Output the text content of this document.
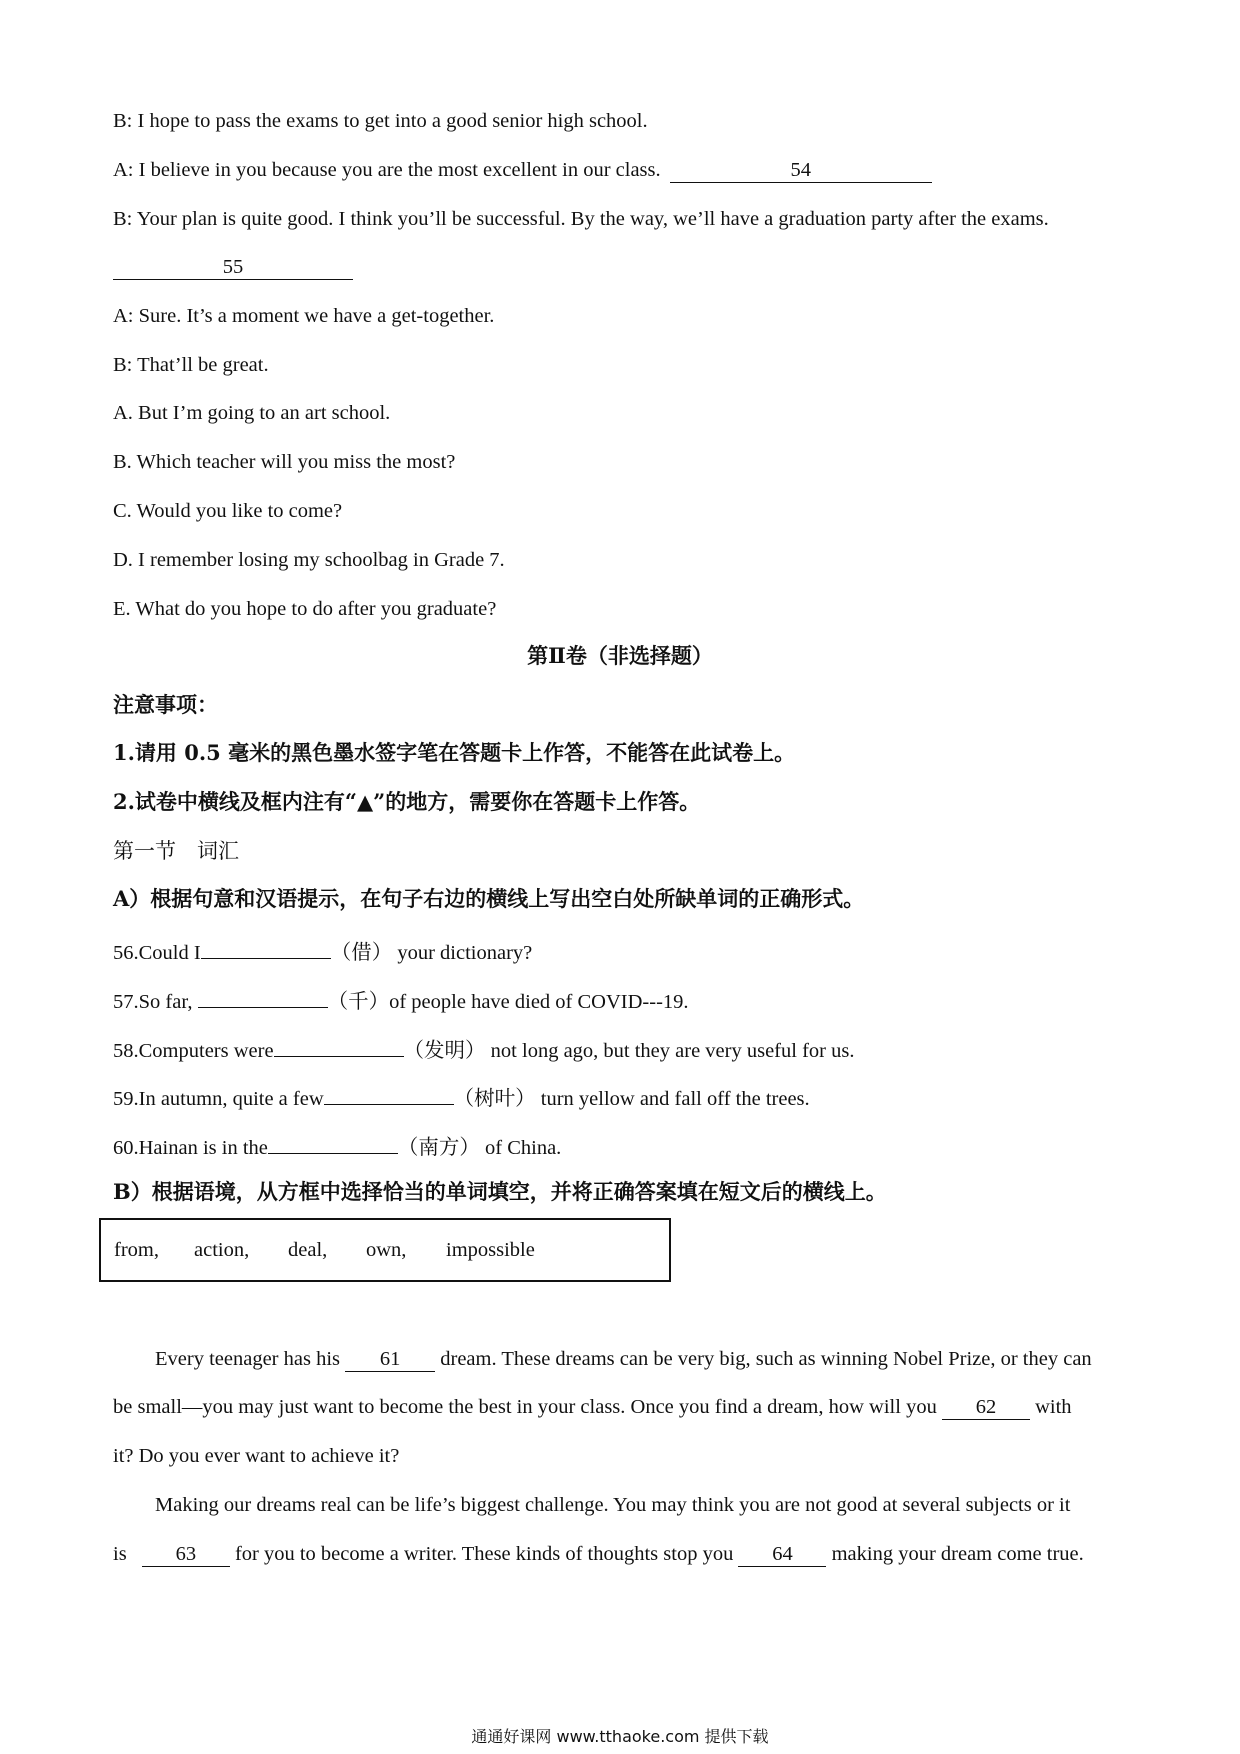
B: I hope to pass the exams to get into a good senior high school.
A: I believe in you because you are the most excellent in our class.	54
B: Your plan is quite good. I think you’ll be successful. By the way, we’ll have a graduation party after the exams.
55
A: Sure. It’s a moment we have a get-together.
B: That’ll be great.
A. But I’m going to an art school.
B. Which teacher will you miss the most?
C. Would you like to come?
D. I remember losing my schoolbag in Grade 7.
E. What do you hope to do after you graduate?
第Ⅱ卷（非选择题）
注意事项：
1.请用 0.5 毫米的黑色墨水签字笔在答题卡上作答，不能答在此试卷上。
2.试卷中横线及框内注有“▲”的地方，需要你在答题卡上作答。
第一节　词汇
A）根据句意和汉语提示，在句子右边的横线上写出空白处所缺单词的正确形式。
56.Could I	（借） your dictionary?
57.So far,	（千）of people have died of COVID---19.
58.Computers were	（发明） not long ago, but they are very useful for us.
59.In autumn, quite a few	（树叶） turn yellow and fall off the trees.
60.Hainan is in the	（南方） of China.
B）根据语境，从方框中选择恰当的单词填空，并将正确答案填在短文后的横线上。
from, action, deal, own, impossible
Every teenager has his 61 dream. These dreams can be very big, such as winning Nobel Prize, or they can
be small—you may just want to become the best in your class. Once you find a dream, how will you 62 with
it? Do you ever want to achieve it?
Making our dreams real can be life’s biggest challenge. You may think you are not good at several subjects or it
is 63 for you to become a writer. These kinds of thoughts stop you 64 making your dream come true.
通通好课网 www.tthaoke.com 提供下载
